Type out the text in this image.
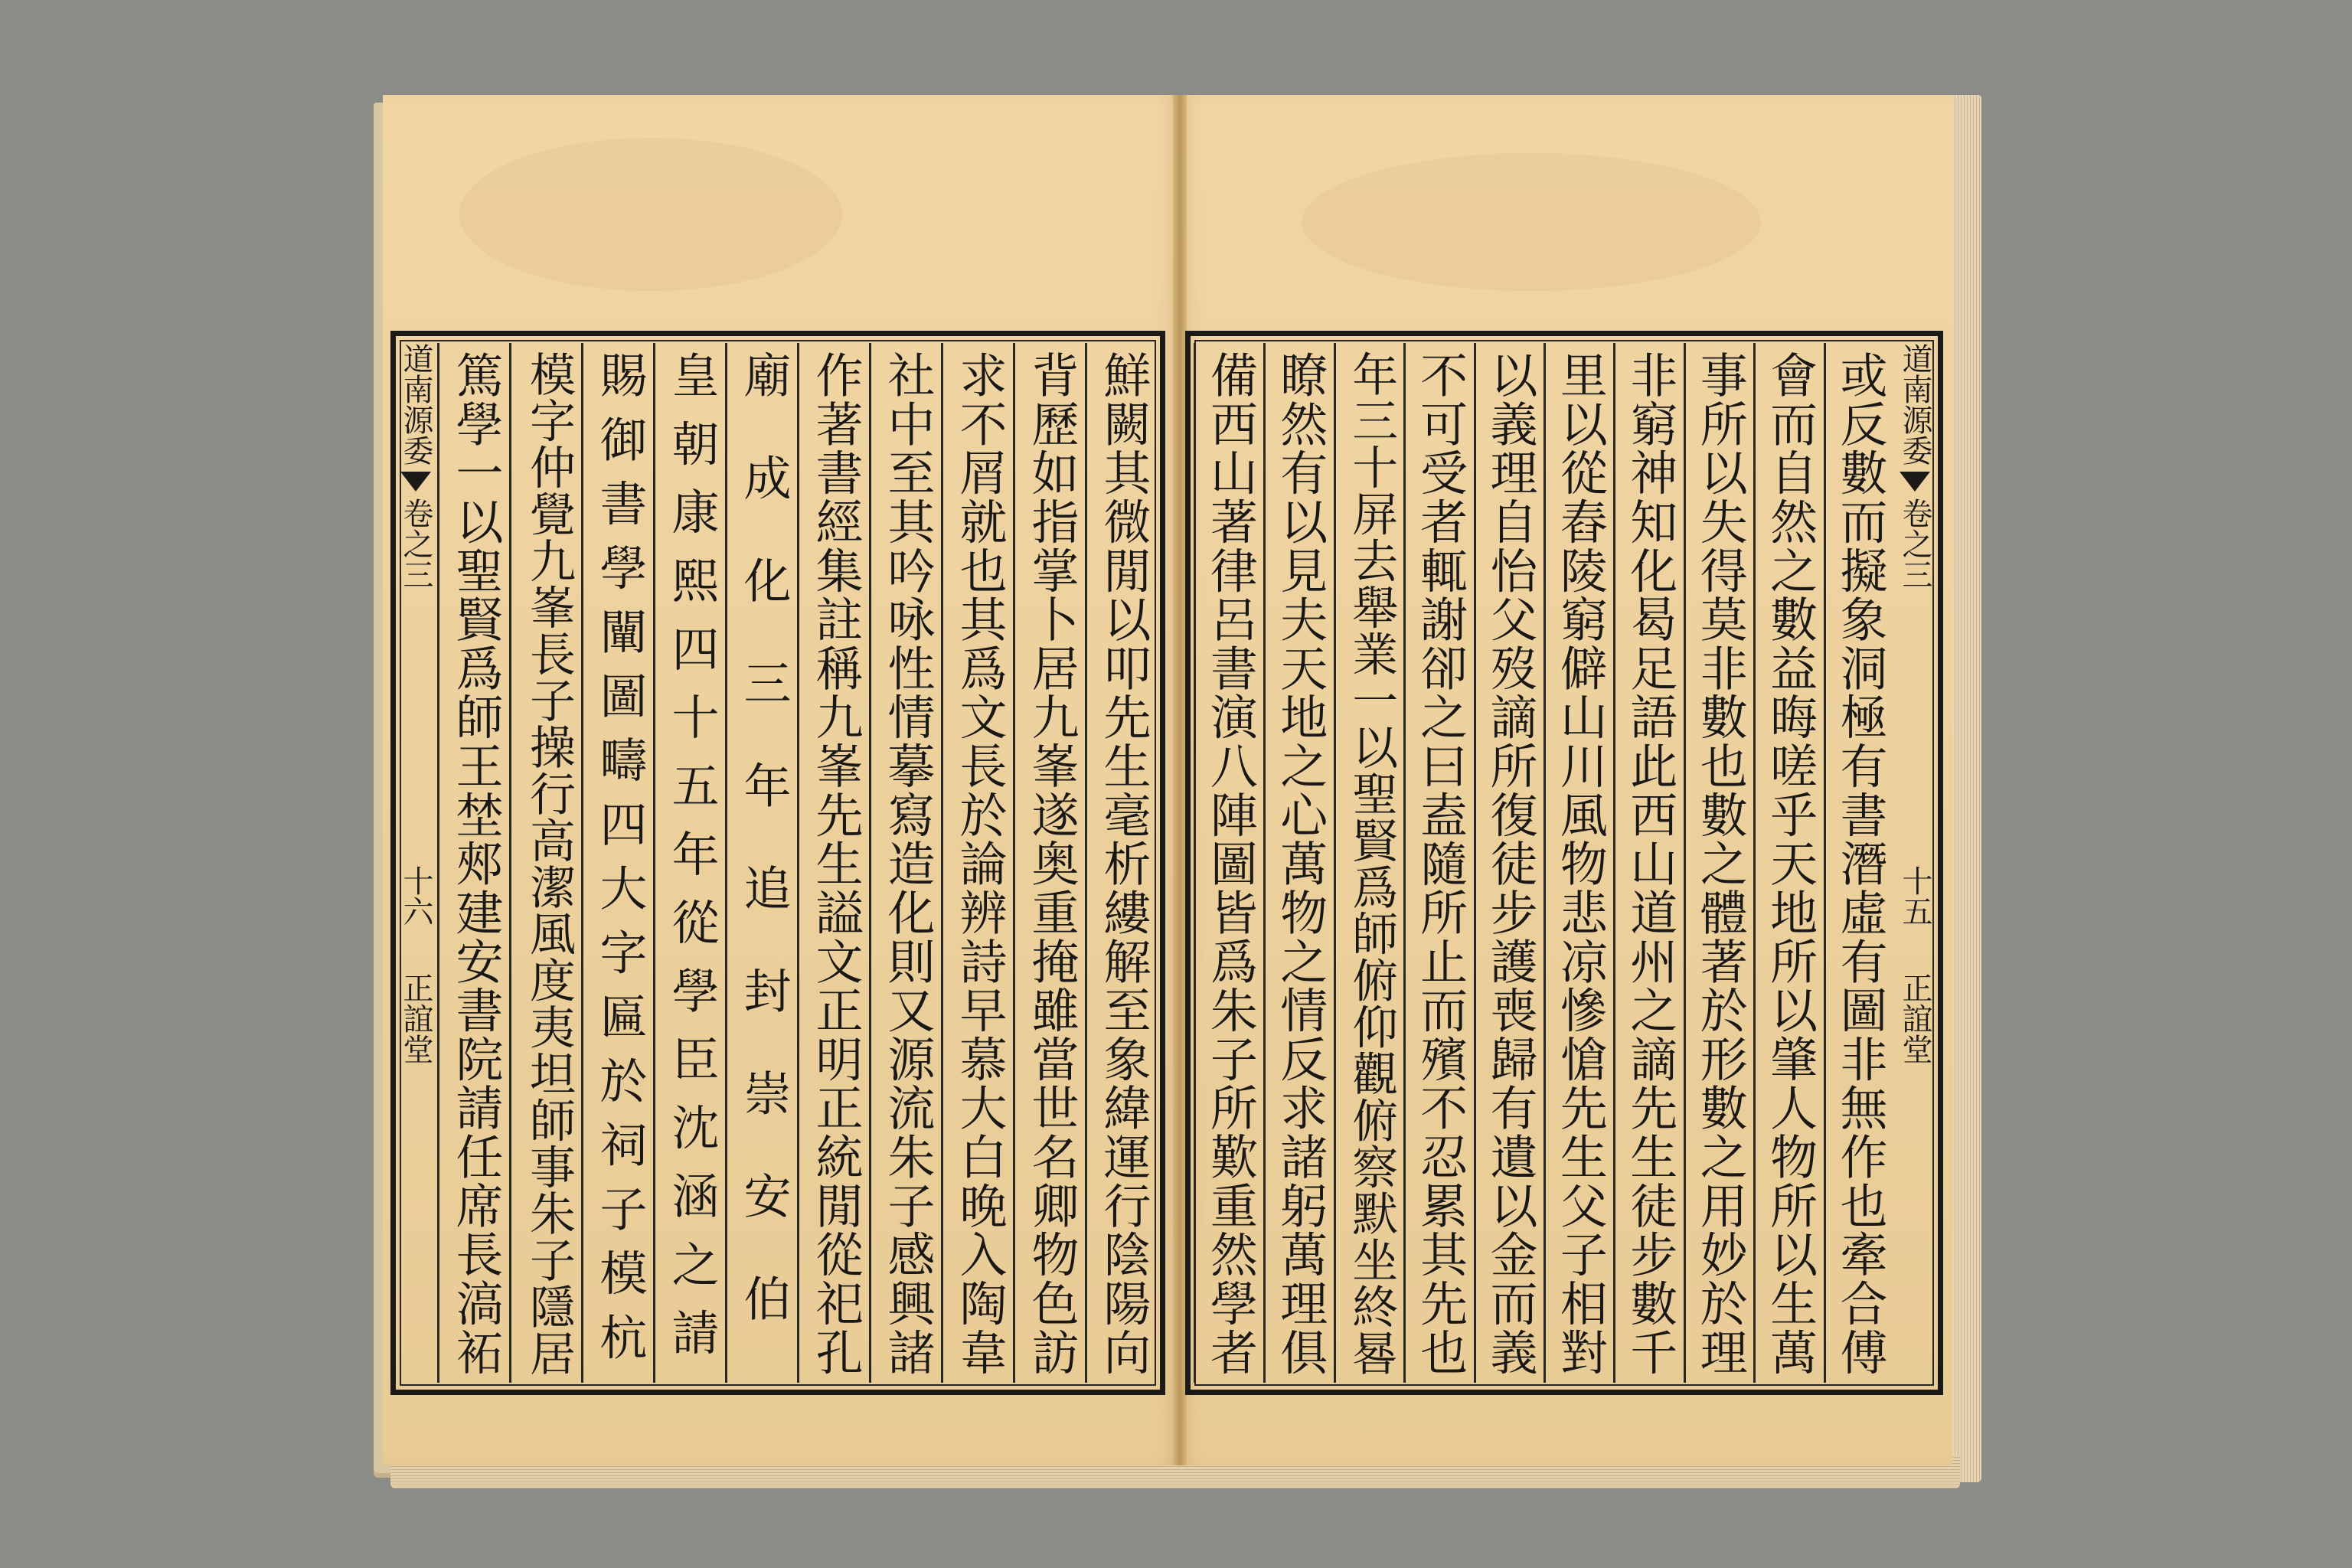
鮮闕其微閒以叩先生毫析縷解至象緯運行陰陽向
背歷如指掌卜居九峯遂奥重掩雖當世名卿物色訪
求不屑就也其爲文長於論辨詩早慕大白晚入陶韋
社中至其吟咏性情摹寫造化則又源流朱子感興諸
作著書經集註稱九峯先生謚文正明正統閒從祀孔
廟成化三年追封崇安伯
皇朝康熙四十五年從學臣沈涵之請
賜御書學闡圖疇四大字匾於祠子模杭
模字仲覺九峯長子操行高潔風度夷坦師事朱子隱居
篤學一以聖賢爲師王埜郟建安書院請任席長滈袥	或反數而擬象洞極有書潛虛有圖非無作也牽合傅
會而自然之數益晦嗟乎天地所以肇人物所以生萬
事所以失得莫非數也數之體著於形數之用妙於理
非窮神知化曷足語此西山道州之謫先生徒步數千
里以從舂陵窮僻山川風物悲凉慘愴先生父子相對
以義理自怡父歿謫所復徒步護喪歸有遺以金而義
不可受者輒謝卻之曰盍隨所止而殯不忍累其先也
年三十屏去舉業一以聖賢爲師俯仰觀俯察默坐終晷
瞭然有以見夫天地之心萬物之情反求諸躬萬理俱
備西山著律呂書演八陣圖皆爲朱子所歎重然學者
道南源委
卷之三
十六
正誼堂
道南源委
卷之三
十五
正誼堂
